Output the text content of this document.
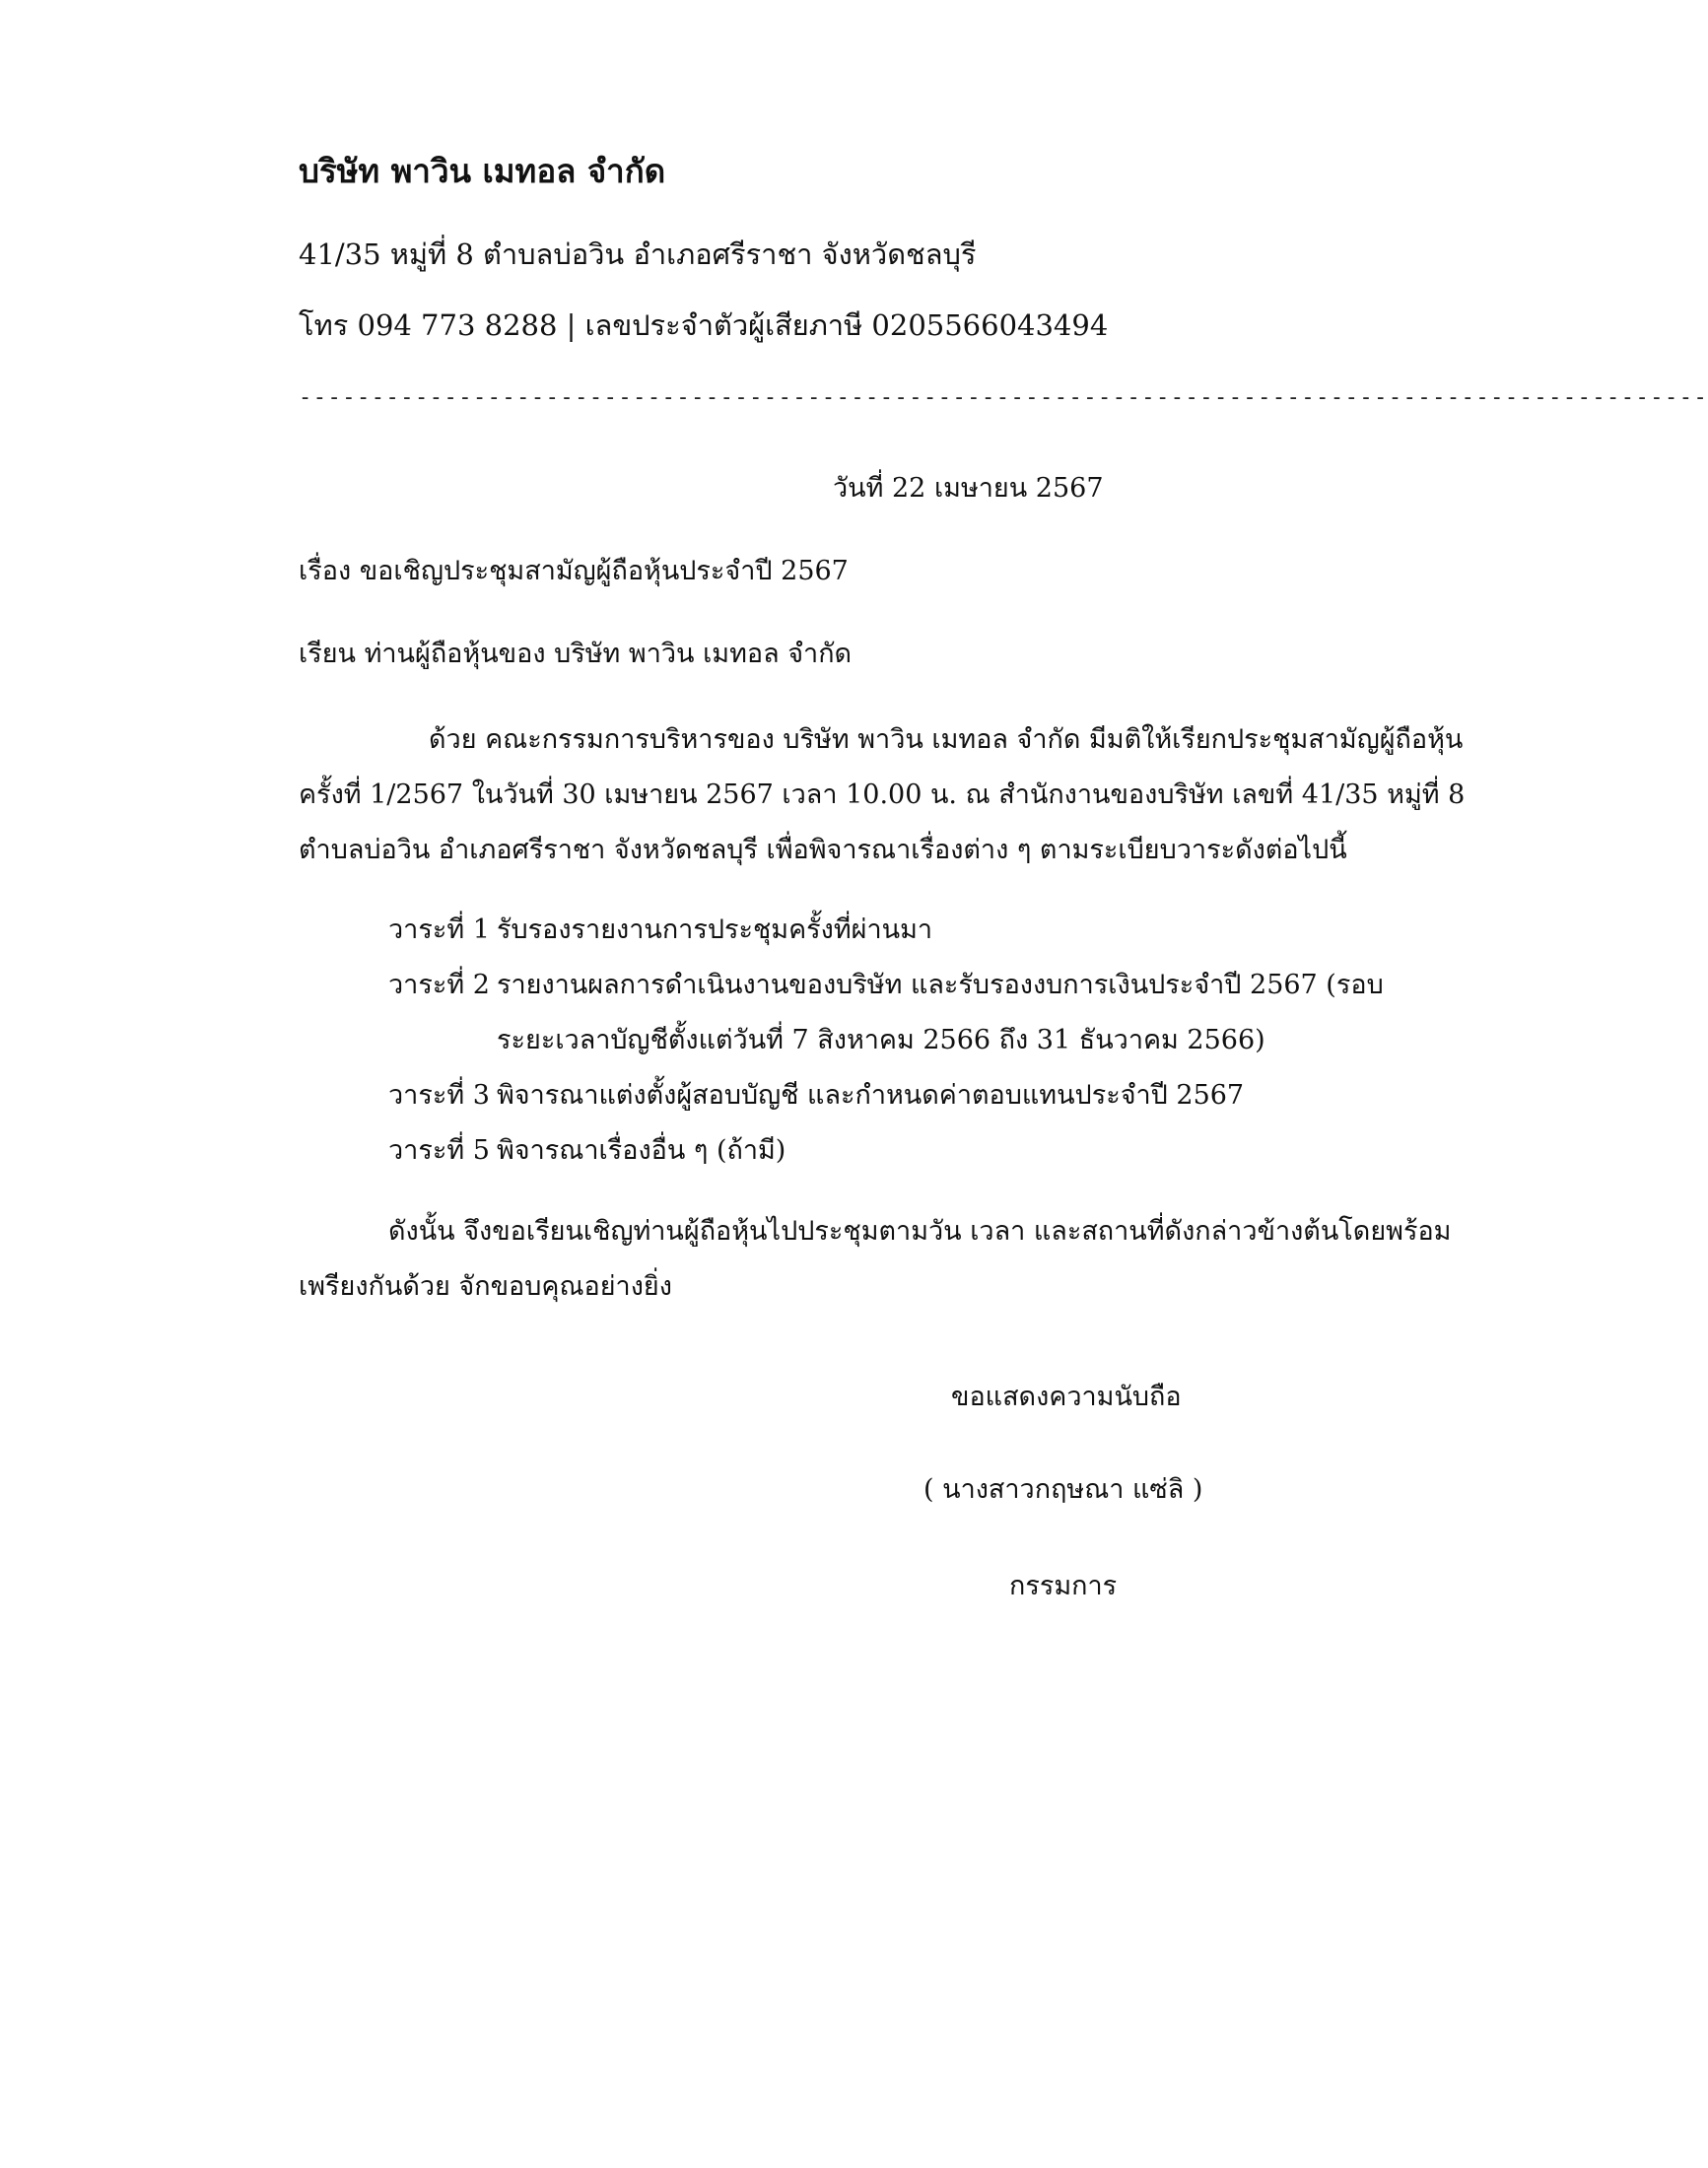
บริษัท พาวิน เมทอล จำกัด
41/35 หมู่ที่ 8 ตำบลบ่อวิน อำเภอศรีราชา จังหวัดชลบุรี
โทร 094 773 8288 | เลขประจำตัวผู้เสียภาษี 0205566043494
-------------------------------------------------------------------------------------------------
วันที่ 22 เมษายน 2567
เรื่อง ขอเชิญประชุมสามัญผู้ถือหุ้นประจำปี 2567
เรียน ท่านผู้ถือหุ้นของ บริษัท พาวิน เมทอล จำกัด
ด้วย คณะกรรมการบริหารของ บริษัท พาวิน เมทอล จำกัด มีมติให้เรียกประชุมสามัญผู้ถือหุ้น
ครั้งที่ 1/2567 ในวันที่ 30 เมษายน 2567 เวลา 10.00 น. ณ สำนักงานของบริษัท เลขที่ 41/35 หมู่ที่ 8
ตำบลบ่อวิน อำเภอศรีราชา จังหวัดชลบุรี เพื่อพิจารณาเรื่องต่าง ๆ ตามระเบียบวาระดังต่อไปนี้
วาระที่ 1 รับรองรายงานการประชุมครั้งที่ผ่านมา
วาระที่ 2 รายงานผลการดำเนินงานของบริษัท และรับรองงบการเงินประจำปี 2567 (รอบ
ระยะเวลาบัญชีตั้งแต่วันที่ 7 สิงหาคม 2566 ถึง 31 ธันวาคม 2566)
วาระที่ 3 พิจารณาแต่งตั้งผู้สอบบัญชี และกำหนดค่าตอบแทนประจำปี 2567
วาระที่ 5 พิจารณาเรื่องอื่น ๆ (ถ้ามี)
ดังนั้น จึงขอเรียนเชิญท่านผู้ถือหุ้นไปประชุมตามวัน เวลา และสถานที่ดังกล่าวข้างต้นโดยพร้อม
เพรียงกันด้วย จักขอบคุณอย่างยิ่ง
ขอแสดงความนับถือ
( นางสาวกฤษณา แซ่ลิ )
กรรมการ
